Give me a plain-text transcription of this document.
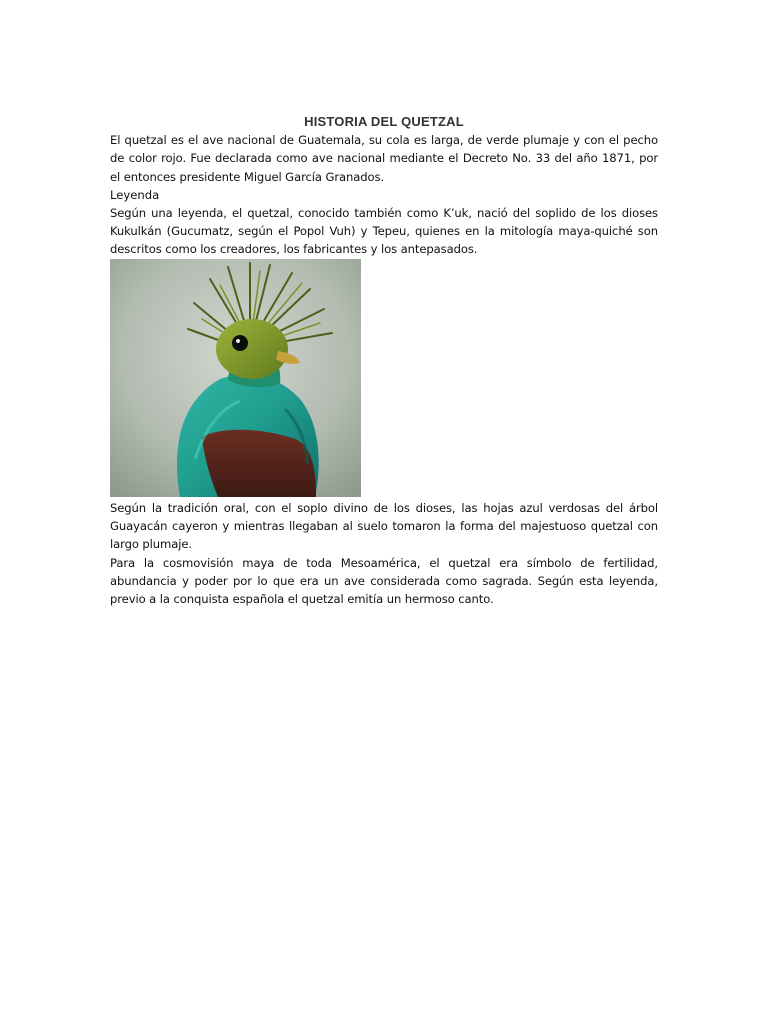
HISTORIA DEL QUETZAL

El quetzal es el ave nacional de Guatemala, su cola es larga, de verde plumaje y con el pecho de color rojo. Fue declarada como ave nacional mediante el Decreto No. 33 del año 1871, por el entonces presidente Miguel García Granados.

Leyenda

Según una leyenda, el quetzal, conocido también como K’uk, nació del soplido de los dioses Kukulkán (Gucumatz, según el Popol Vuh) y Tepeu, quienes en la mitología maya-quiché son descritos como los creadores, los fabricantes y los antepasados.

Según la tradición oral, con el soplo divino de los dioses, las hojas azul verdosas del árbol Guayacán cayeron y mientras llegaban al suelo tomaron la forma del majestuoso quetzal con largo plumaje.

Para la cosmovisión maya de toda Mesoamérica, el quetzal era símbolo de fertilidad, abundancia y poder por lo que era un ave considerada como sagrada. Según esta leyenda, previo a la conquista española el quetzal emitía un hermoso canto.
